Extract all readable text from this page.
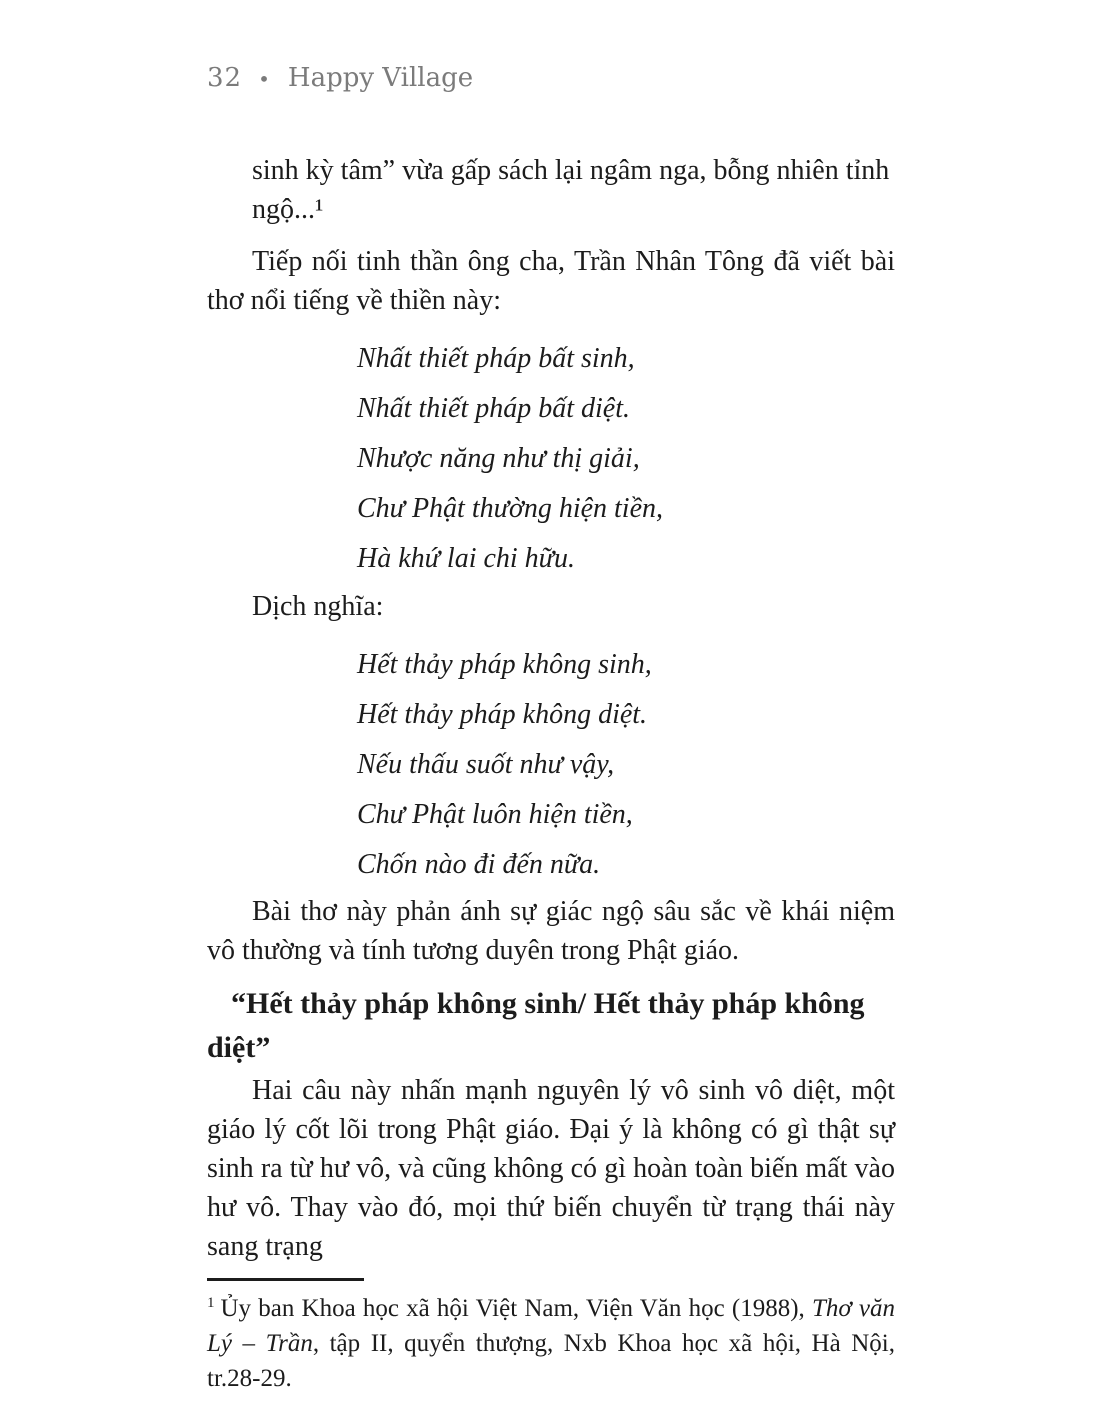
32 • Happy Village

sinh kỳ tâm” vừa gấp sách lại ngâm nga, bỗng nhiên tỉnh ngộ...¹

Tiếp nối tinh thần ông cha, Trần Nhân Tông đã viết bài thơ nổi tiếng về thiền này:

Nhất thiết pháp bất sinh,
Nhất thiết pháp bất diệt.
Nhược năng như thị giải,
Chư Phật thường hiện tiền,
Hà khứ lai chi hữu.

Dịch nghĩa:

Hết thảy pháp không sinh,
Hết thảy pháp không diệt.
Nếu thấu suốt như vậy,
Chư Phật luôn hiện tiền,
Chốn nào đi đến nữa.

Bài thơ này phản ánh sự giác ngộ sâu sắc về khái niệm vô thường và tính tương duyên trong Phật giáo.

“Hết thảy pháp không sinh/ Hết thảy pháp không diệt”

Hai câu này nhấn mạnh nguyên lý vô sinh vô diệt, một giáo lý cốt lõi trong Phật giáo. Đại ý là không có gì thật sự sinh ra từ hư vô, và cũng không có gì hoàn toàn biến mất vào hư vô. Thay vào đó, mọi thứ biến chuyển từ trạng thái này sang trạng

$^1$ Ủy ban Khoa học xã hội Việt Nam, Viện Văn học (1988), Thơ văn Lý – Trần, tập II, quyển thượng, Nxb Khoa học xã hội, Hà Nội, tr.28-29.
